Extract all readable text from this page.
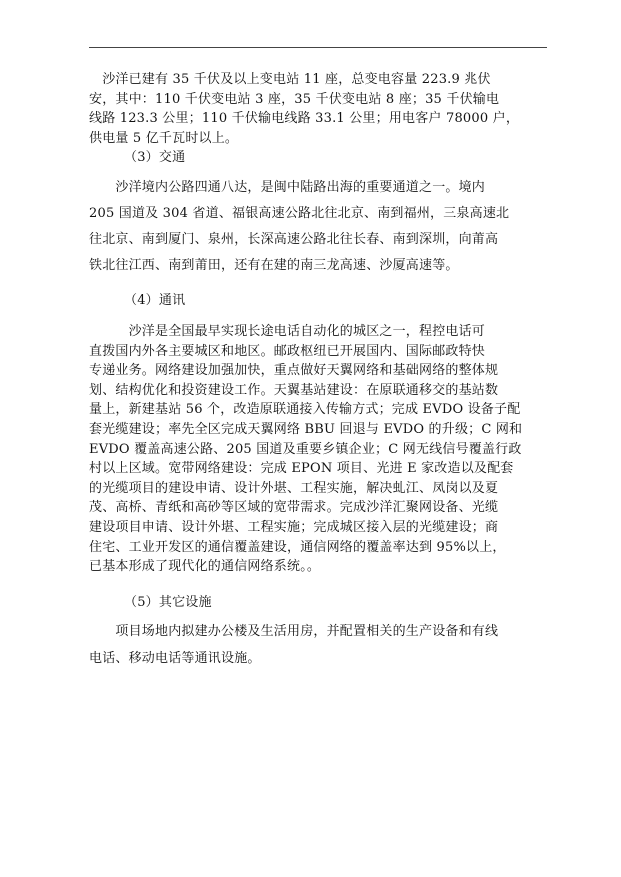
　沙洋已建有 35 千伏及以上变电站 11 座，总变电容量 223.9 兆伏
安，其中：110 千伏变电站 3 座，35 千伏变电站 8 座；35 千伏输电
线路 123.3 公里；110 千伏输电线路 33.1 公里；用电客户 78000 户，
供电量 5 亿千瓦时以上。

（3）交通

　　沙洋境内公路四通八达，是闽中陆路出海的重要通道之一。境内
205 国道及 304 省道、福银高速公路北往北京、南到福州，三泉高速北
往北京、南到厦门、泉州，长深高速公路北往长春、南到深圳，向莆高
铁北往江西、南到莆田，还有在建的南三龙高速、沙厦高速等。

（4）通讯

　　　沙洋是全国最早实现长途电话自动化的城区之一，程控电话可
直拨国内外各主要城区和地区。邮政枢纽已开展国内、国际邮政特快
专递业务。网络建设加强加快，重点做好天翼网络和基础网络的整体规
划、结构优化和投资建设工作。天翼基站建设：在原联通移交的基站数
量上，新建基站 56 个，改造原联通接入传输方式；完成 EVDO 设备子配
套光缆建设；率先全区完成天翼网络 BBU 回退与 EVDO 的升级；C 网和
EVDO 覆盖高速公路、205 国道及重要乡镇企业；C 网无线信号覆盖行政
村以上区域。宽带网络建设：完成 EPON 项目、光进 E 家改造以及配套
的光缆项目的建设申请、设计外堪、工程实施，解决虬江、凤岗以及夏
茂、高桥、青纸和高砂等区域的宽带需求。完成沙洋汇聚网设备、光缆
建设项目申请、设计外堪、工程实施；完成城区接入层的光缆建设；商
住宅、工业开发区的通信覆盖建设，通信网络的覆盖率达到 95%以上，
已基本形成了现代化的通信网络系统。。

（5）其它设施

　　项目场地内拟建办公楼及生活用房，并配置相关的生产设备和有线
电话、移动电话等通讯设施。
